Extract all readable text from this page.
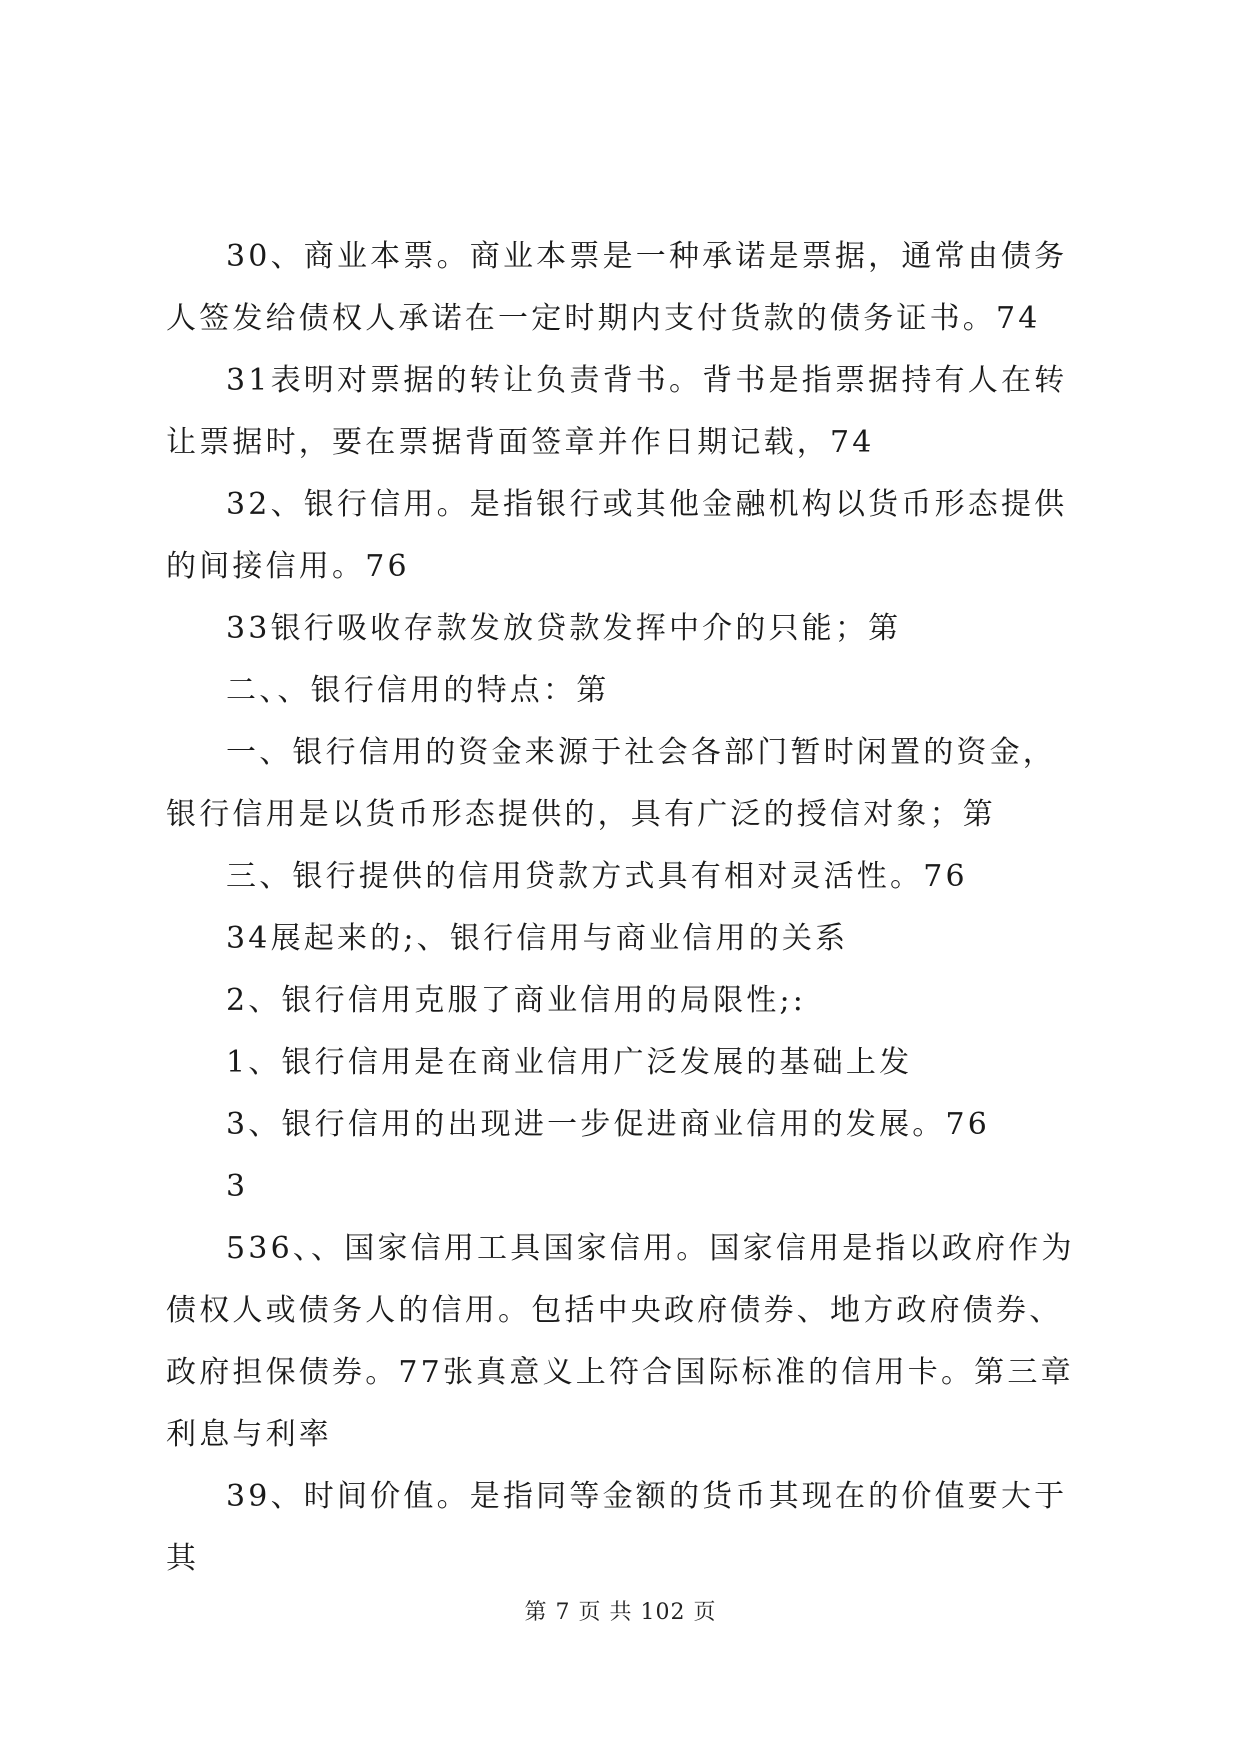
30、商业本票。商业本票是一种承诺是票据，通常由债务人签发给债权人承诺在一定时期内支付货款的债务证书。74

31表明对票据的转让负责背书。背书是指票据持有人在转让票据时，要在票据背面签章并作日期记载，74

32、银行信用。是指银行或其他金融机构以货币形态提供的间接信用。76

33银行吸收存款发放贷款发挥中介的只能；第

二、、银行信用的特点：第

一、银行信用的资金来源于社会各部门暂时闲置的资金，银行信用是以货币形态提供的，具有广泛的授信对象；第

三、银行提供的信用贷款方式具有相对灵活性。76

34展起来的;、银行信用与商业信用的关系

2、银行信用克服了商业信用的局限性;:

1、银行信用是在商业信用广泛发展的基础上发

3、银行信用的出现进一步促进商业信用的发展。76

3

536、、国家信用工具国家信用。国家信用是指以政府作为债权人或债务人的信用。包括中央政府债券、地方政府债券、政府担保债券。77张真意义上符合国际标准的信用卡。第三章利息与利率

39、时间价值。是指同等金额的货币其现在的价值要大于其

第 7 页 共 102 页
